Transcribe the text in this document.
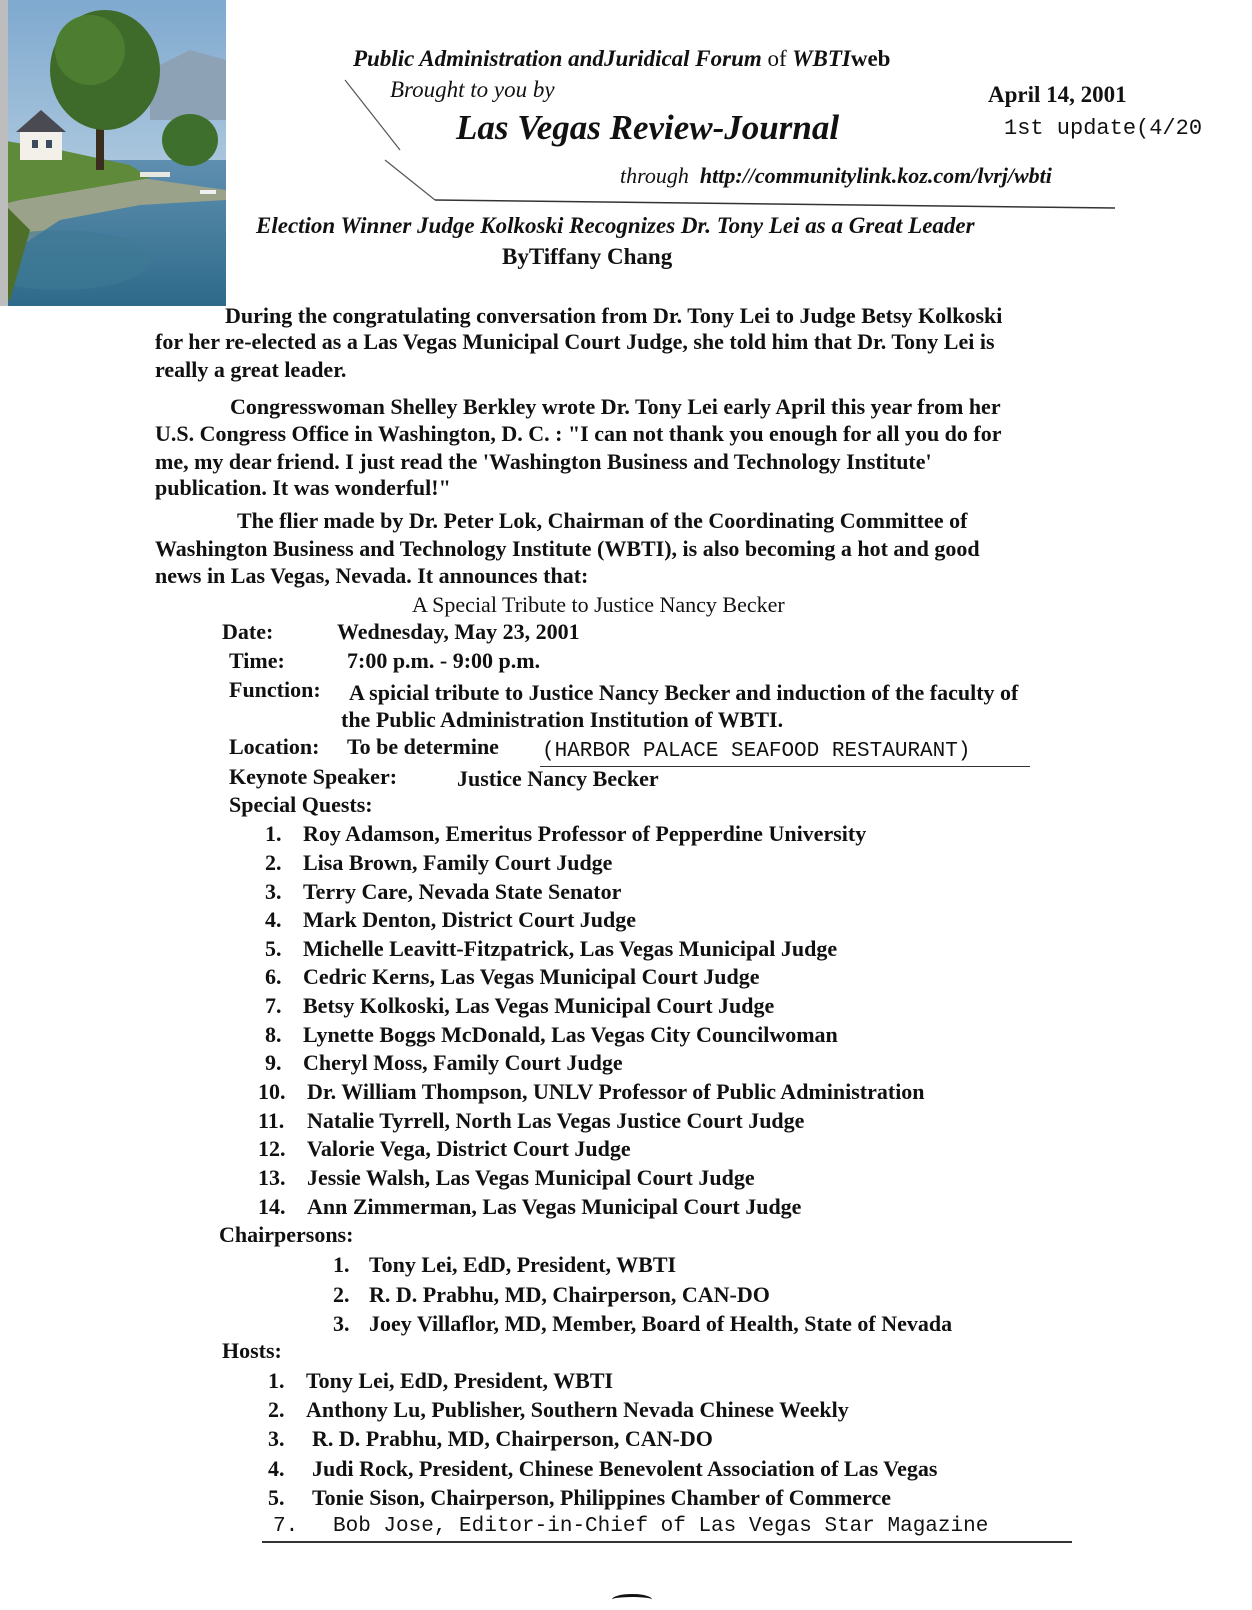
Public Administration andJuridical Forum of WBTIweb
Brought to you by	April 14, 2001
1st update(4/20
Las Vegas Review-Journal
through http://communitylink.koz.com/lvrj/wbti
Election Winner Judge Kolkoski Recognizes Dr. Tony Lei as a Great Leader
ByTiffany Chang
During the congratulating conversation from Dr. Tony Lei to Judge Betsy Kolkoski
for her re-elected as a Las Vegas Municipal Court Judge, she told him that Dr. Tony Lei is
really a great leader.
Congresswoman Shelley Berkley wrote Dr. Tony Lei early April this year from her
U.S. Congress Office in Washington, D. C. : "I can not thank you enough for all you do for
me, my dear friend. I just read the 'Washington Business and Technology Institute'
publication. It was wonderful!"
The flier made by Dr. Peter Lok, Chairman of the Coordinating Committee of
Washington Business and Technology Institute (WBTI), is also becoming a hot and good
news in Las Vegas, Nevada. It announces that:
A Special Tribute to Justice Nancy Becker
Date:	Wednesday, May 23, 2001
Time:	7:00 p.m. - 9:00 p.m.
Function: A spicial tribute to Justice Nancy Becker and induction of the faculty of
the Public Administration Institution of WBTI.
Location: To be determine (HARBOR PALACE SEAFOOD RESTAURANT)
Keynote Speaker:	Justice Nancy Becker
Special Quests:
1. Roy Adamson, Emeritus Professor of Pepperdine University
2. Lisa Brown, Family Court Judge
3. Terry Care, Nevada State Senator
4. Mark Denton, District Court Judge
5. Michelle Leavitt-Fitzpatrick, Las Vegas Municipal Judge
6. Cedric Kerns, Las Vegas Municipal Court Judge
7. Betsy Kolkoski, Las Vegas Municipal Court Judge
8. Lynette Boggs McDonald, Las Vegas City Councilwoman
9. Cheryl Moss, Family Court Judge
10. Dr. William Thompson, UNLV Professor of Public Administration
11. Natalie Tyrrell, North Las Vegas Justice Court Judge
12. Valorie Vega, District Court Judge
13. Jessie Walsh, Las Vegas Municipal Court Judge
14. Ann Zimmerman, Las Vegas Municipal Court Judge
Chairpersons:
1. Tony Lei, EdD, President, WBTI
2. R. D. Prabhu, MD, Chairperson, CAN-DO
3. Joey Villaflor, MD, Member, Board of Health, State of Nevada
Hosts:
1. Tony Lei, EdD, President, WBTI
2. Anthony Lu, Publisher, Southern Nevada Chinese Weekly
3. R. D. Prabhu, MD, Chairperson, CAN-DO
4. Judi Rock, President, Chinese Benevolent Association of Las Vegas
5. Tonie Sison, Chairperson, Philippines Chamber of Commerce
7. Bob Jose, Editor-in-Chief of Las Vegas Star Magazine
